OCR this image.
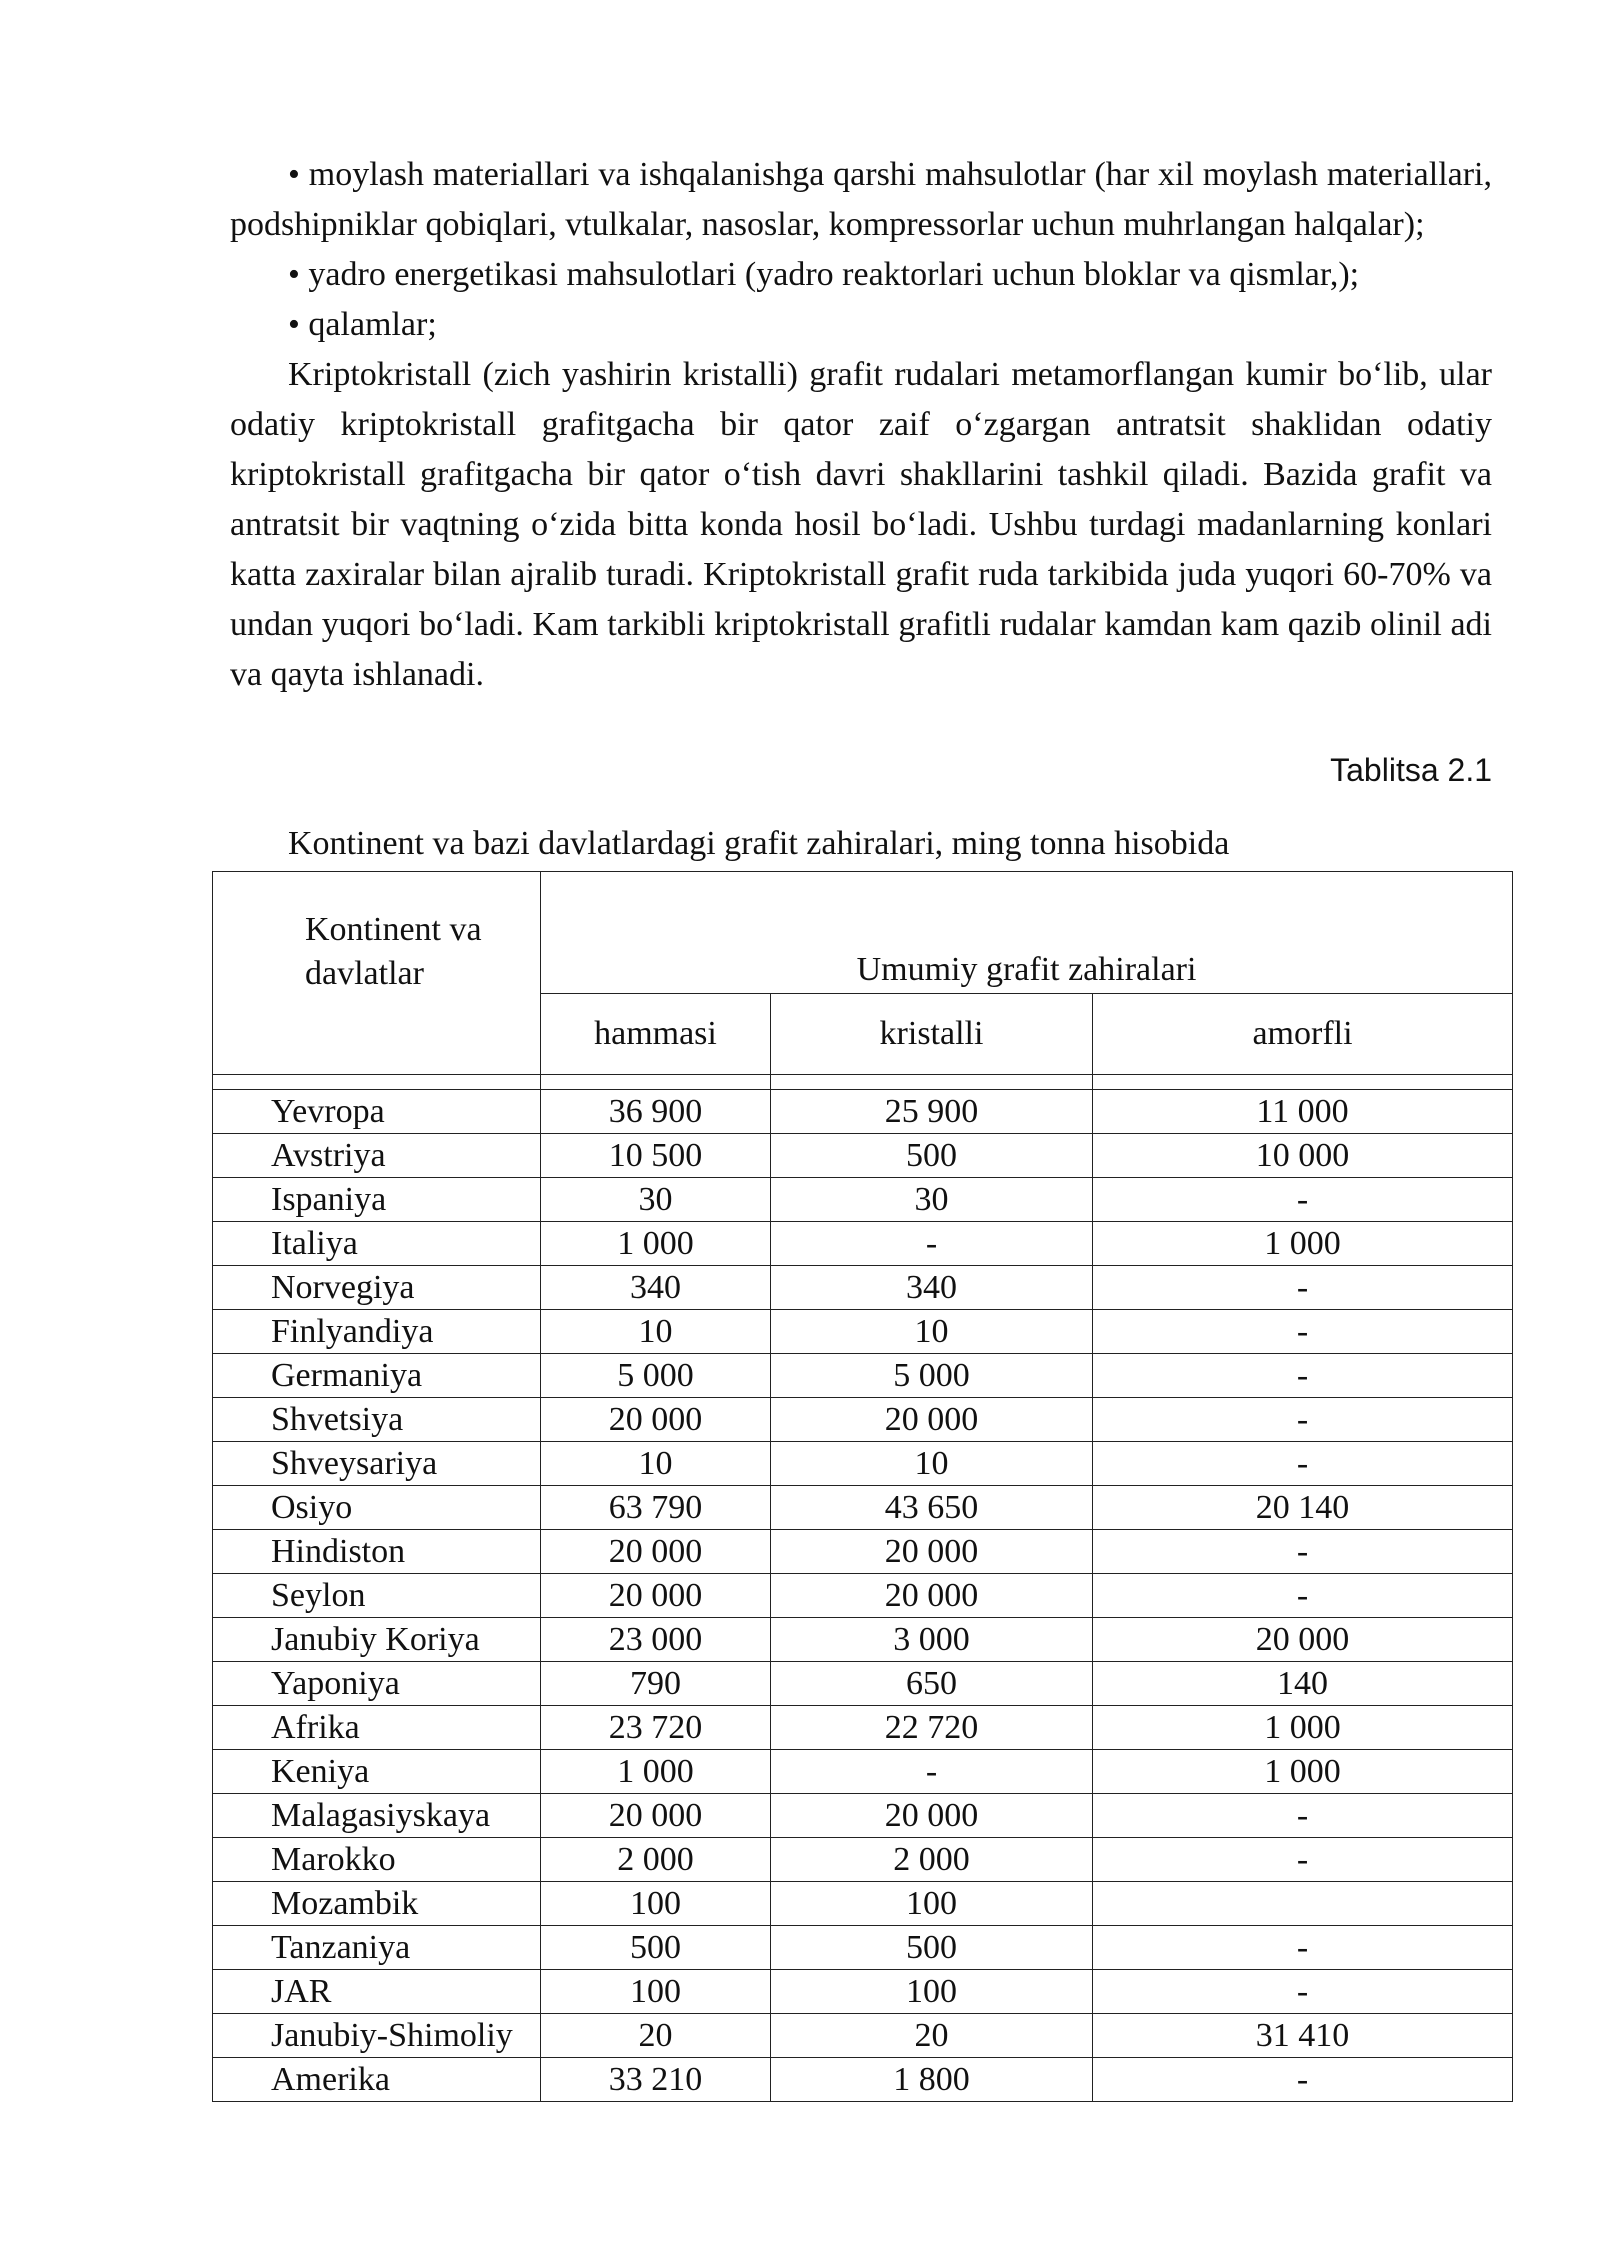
• moylash materiallari va ishqalanishga qarshi mahsulotlar (har xil moylash materiallari, podshipniklar qobiqlari, vtulkalar, nasoslar, kompressorlar uchun muhrlangan halqalar);

• yadro energetikasi mahsulotlari (yadro reaktorlari uchun bloklar va qismlar,);

• qalamlar;

Kriptokristall (zich yashirin kristalli) grafit rudalari metamorflangan kumir bo‘lib, ular odatiy kriptokristall grafitgacha bir qator zaif o‘zgargan antratsit shaklidan odatiy kriptokristall grafitgacha bir qator o‘tish davri shakllarini tashkil qiladi. Bazida grafit va antratsit bir vaqtning o‘zida bitta konda hosil bo‘ladi. Ushbu turdagi madanlarning konlari katta zaxiralar bilan ajralib turadi. Kriptokristall grafit ruda tarkibida juda yuqori 60-70% va undan yuqori bo‘ladi. Kam tarkibli kriptokristall grafitli rudalar kamdan kam qazib olinil adi va qayta ishlanadi.

Tablitsa 2.1
Kontinent va bazi davlatlardagi grafit zahiralari, ming tonna hisobida
Kontinent va davlatlar	Umumiy grafit zahiralari		
	hammasi	kristalli	amorfli

Yevropa	36 900	25 900	11 000
Avstriya	10 500	500	10 000
Ispaniya	30	30	-
Italiya	1 000	-	1 000
Norvegiya	340	340	-
Finlyandiya	10	10	-
Germaniya	5 000	5 000	-
Shvetsiya	20 000	20 000	-
Shveysariya	10	10	-
Osiyo	63 790	43 650	20 140
Hindiston	20 000	20 000	-
Seylon	20 000	20 000	-
Janubiy Koriya	23 000	3 000	20 000
Yaponiya	790	650	140
Afrika	23 720	22 720	1 000
Keniya	1 000	-	1 000
Malagasiyskaya	20 000	20 000	-
Marokko	2 000	2 000	-
Mozambik	100	100	
Tanzaniya	500	500	-
JAR	100	100	-
Janubiy-Shimoliy	20	20	31 410
Amerika	33 210	1 800	-
